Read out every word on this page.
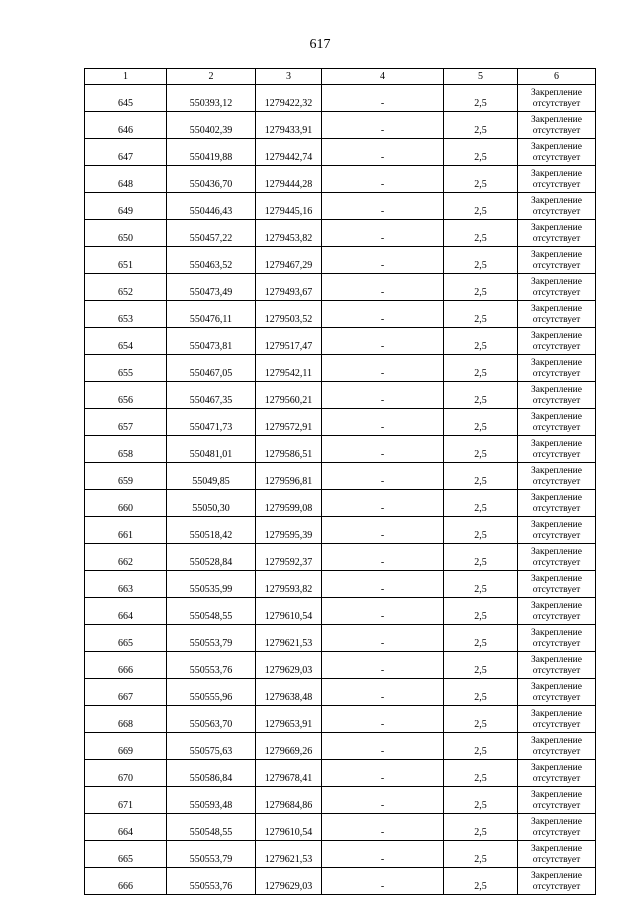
617
1	2	3	4	5	6
645	550393,12	1279422,32	-	2,5	Закрепление
отсутствует

646	550402,39	1279433,91	-	2,5	Закрепление
отсутствует

647	550419,88	1279442,74	-	2,5	Закрепление
отсутствует

648	550436,70	1279444,28	-	2,5	Закрепление
отсутствует

649	550446,43	1279445,16	-	2,5	Закрепление
отсутствует

650	550457,22	1279453,82	-	2,5	Закрепление
отсутствует

651	550463,52	1279467,29	-	2,5	Закрепление
отсутствует

652	550473,49	1279493,67	-	2,5	Закрепление
отсутствует

653	550476,11	1279503,52	-	2,5	Закрепление
отсутствует

654	550473,81	1279517,47	-	2,5	Закрепление
отсутствует

655	550467,05	1279542,11	-	2,5	Закрепление
отсутствует

656	550467,35	1279560,21	-	2,5	Закрепление
отсутствует

657	550471,73	1279572,91	-	2,5	Закрепление
отсутствует

658	550481,01	1279586,51	-	2,5	Закрепление
отсутствует

659	55049,85	1279596,81	-	2,5	Закрепление
отсутствует

660	55050,30	1279599,08	-	2,5	Закрепление
отсутствует

661	550518,42	1279595,39	-	2,5	Закрепление
отсутствует

662	550528,84	1279592,37	-	2,5	Закрепление
отсутствует

663	550535,99	1279593,82	-	2,5	Закрепление
отсутствует

664	550548,55	1279610,54	-	2,5	Закрепление
отсутствует

665	550553,79	1279621,53	-	2,5	Закрепление
отсутствует

666	550553,76	1279629,03	-	2,5	Закрепление
отсутствует

667	550555,96	1279638,48	-	2,5	Закрепление
отсутствует

668	550563,70	1279653,91	-	2,5	Закрепление
отсутствует

669	550575,63	1279669,26	-	2,5	Закрепление
отсутствует

670	550586,84	1279678,41	-	2,5	Закрепление
отсутствует

671	550593,48	1279684,86	-	2,5	Закрепление
отсутствует

664	550548,55	1279610,54	-	2,5	Закрепление
отсутствует

665	550553,79	1279621,53	-	2,5	Закрепление
отсутствует

666	550553,76	1279629,03	-	2,5	Закрепление
отсутствует
